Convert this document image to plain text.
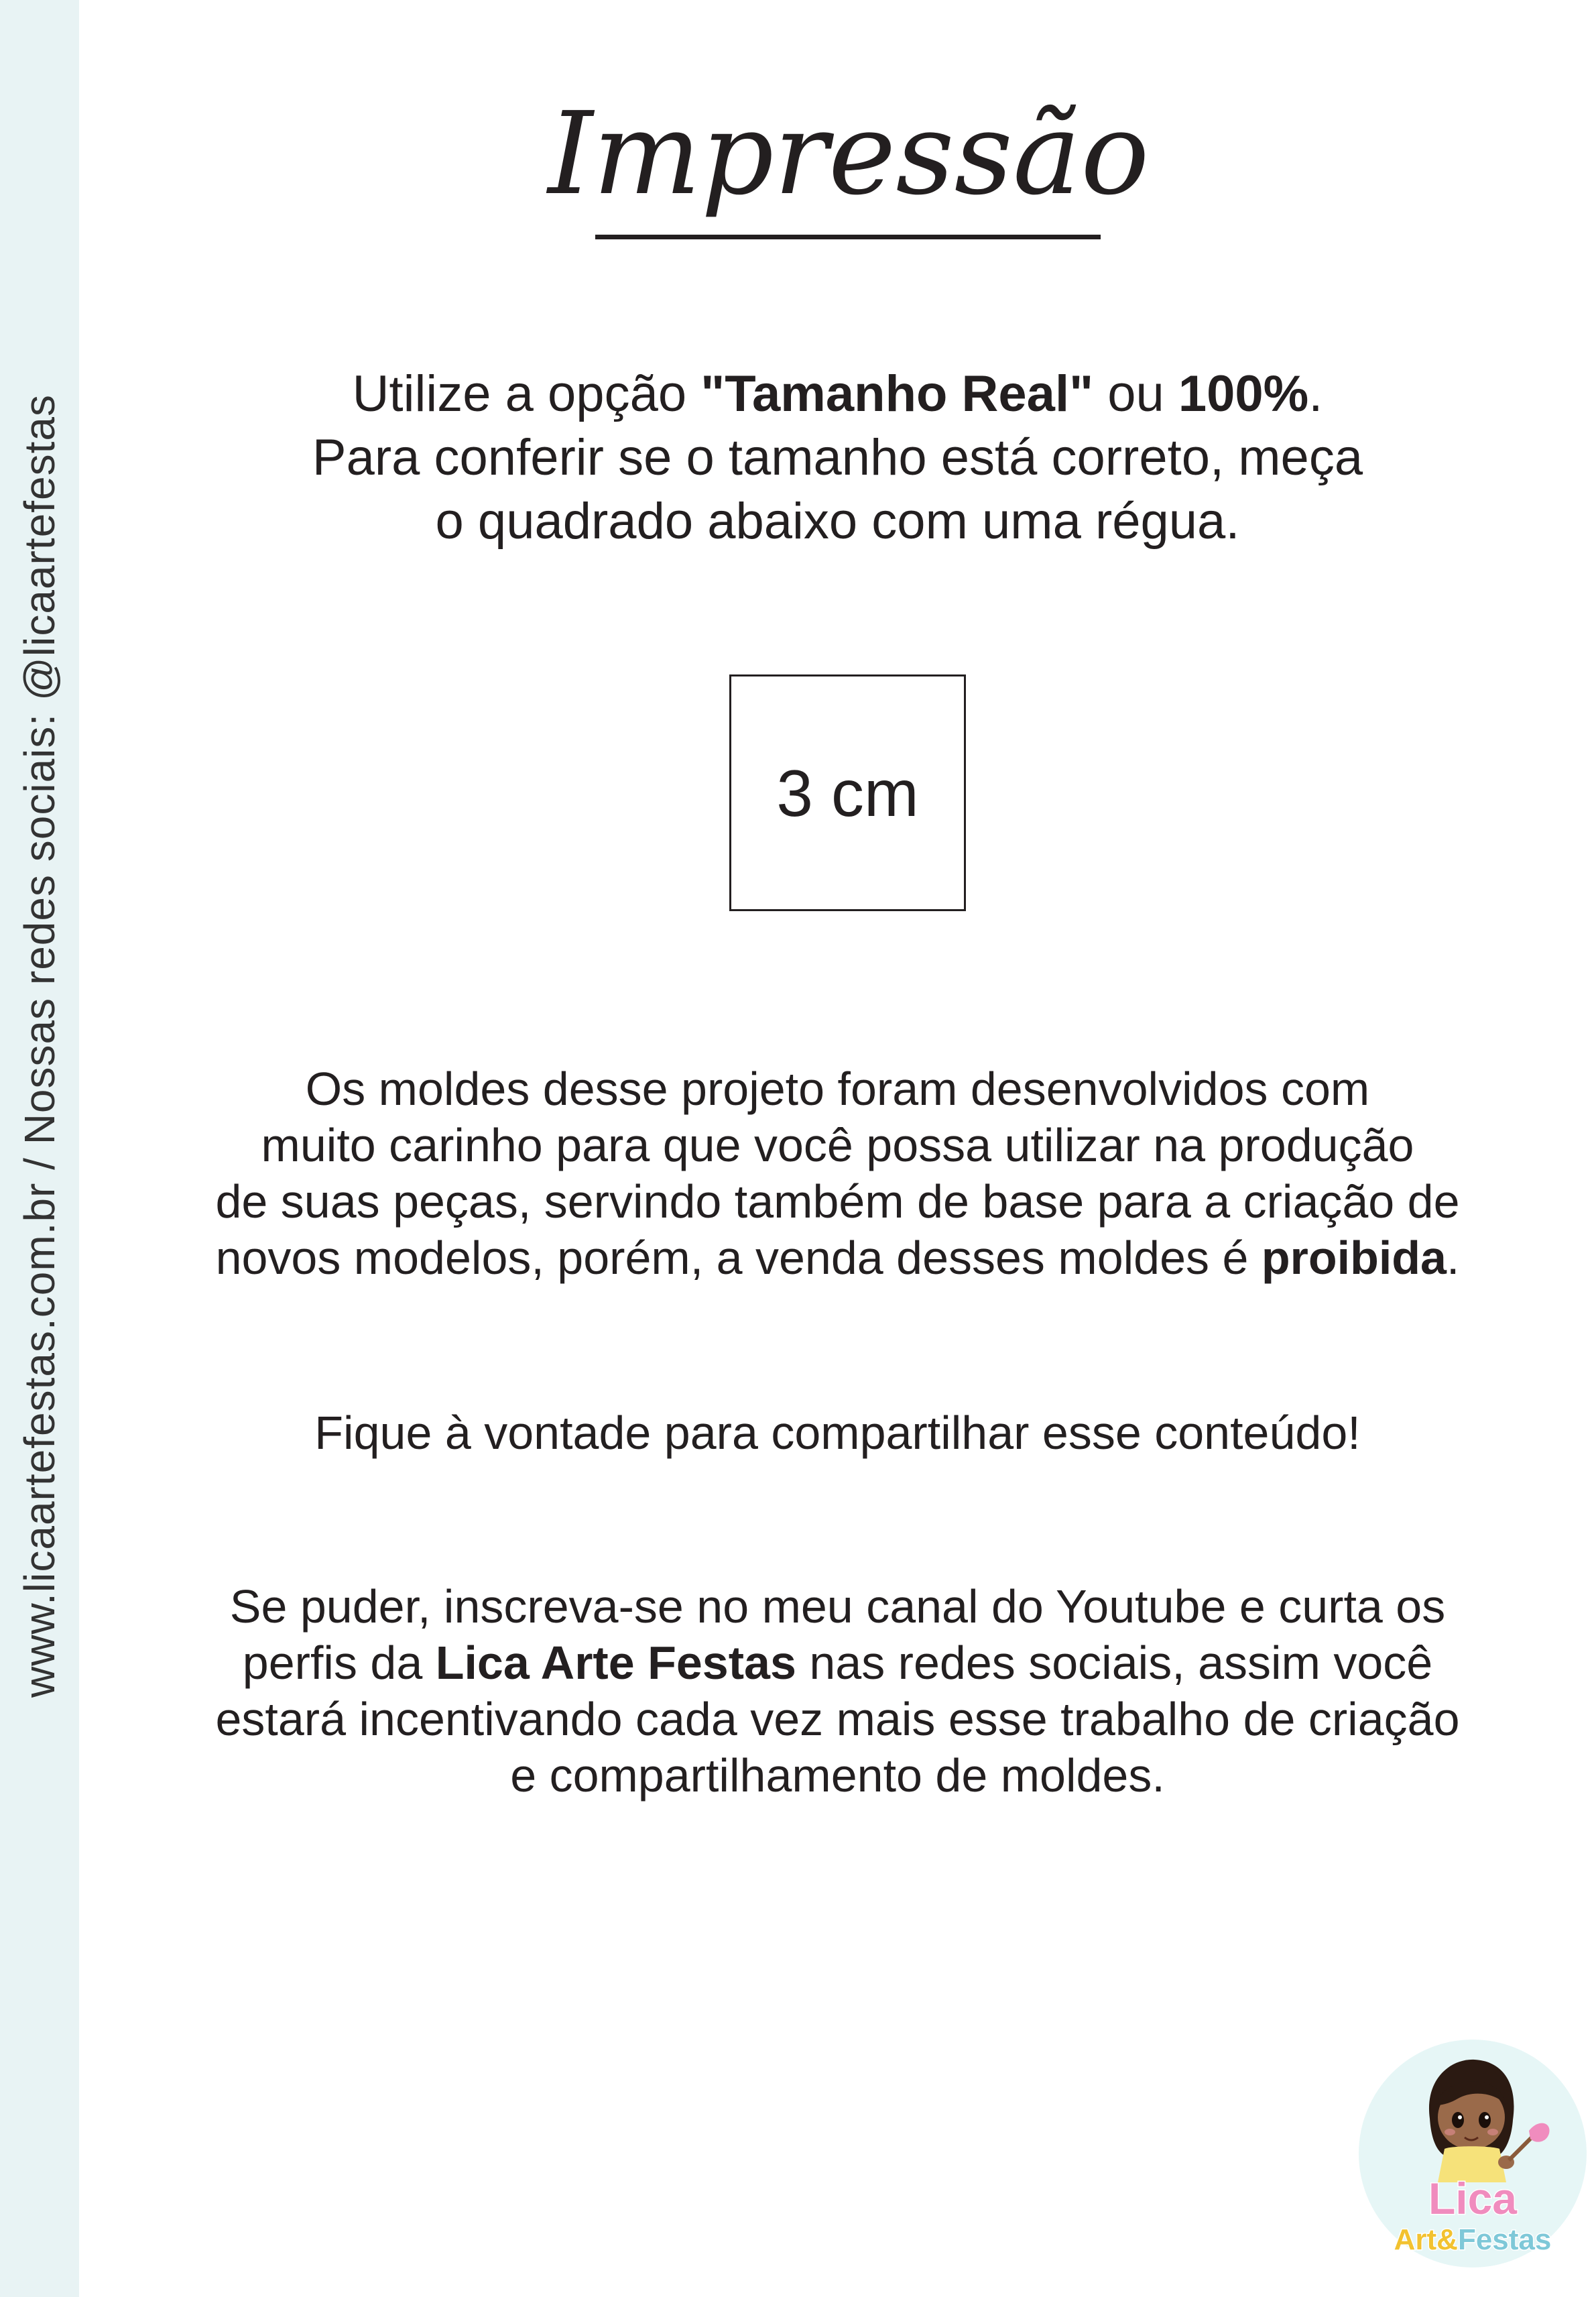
www.licaartefestas.com.br / Nossas redes sociais: @licaartefestas
Impressão
Utilize a opção "Tamanho Real" ou 100%.
Para conferir se o tamanho está correto, meça
o quadrado abaixo com uma régua.
3 cm
Os moldes desse projeto foram desenvolvidos com
muito carinho para que você possa utilizar na produção
de suas peças, servindo também de base para a criação de
novos modelos, porém, a venda desses moldes é proibida.
Fique à vontade para compartilhar esse conteúdo!
Se puder, inscreva-se no meu canal do Youtube e curta os
perfis da Lica Arte Festas nas redes sociais, assim você
estará incentivando cada vez mais esse trabalho de criação
e compartilhamento de moldes.
Lica
Art&Festas
